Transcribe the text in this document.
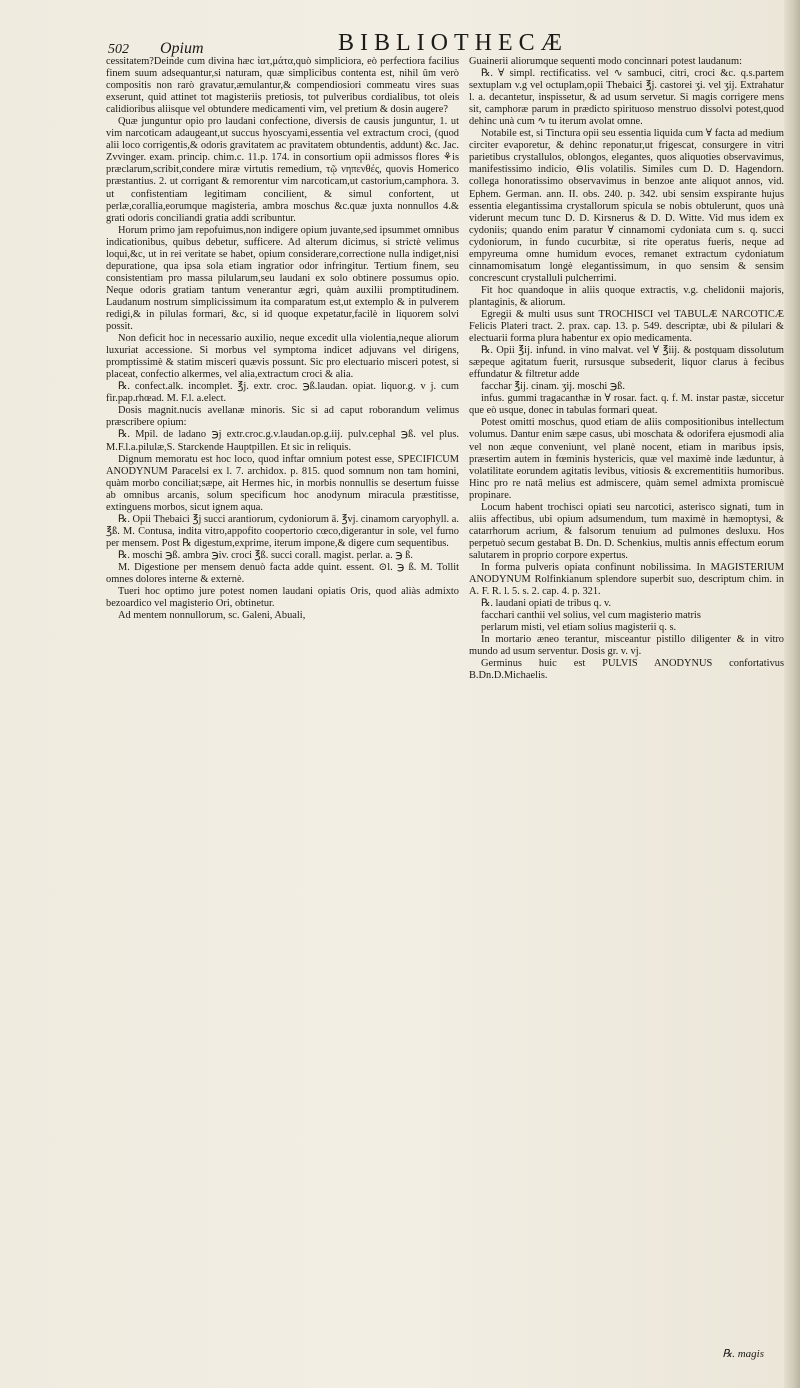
502 Opium	BIBLIOTHECÆ

cessitatem?Deinde cum divina hæc ἰατ,μάτα,quò simpliciora, eò perfectiora facilius finem suum adsequantur,si naturam, quæ simplicibus contenta est, nihil ûm verò compositis non rarò gravatur,æmulantur,& compendiosiori commeatu vires suas exserunt, quid attinet tot magisteriis pretiosis, tot pulveribus cordialibus, tot oleis calidioribus aliisque vel obtundere medicamenti vim, vel pretium & dosin augere?

Quæ junguntur opio pro laudani confectione, diversis de causis junguntur, 1. ut vim narcoticam adaugeant,ut succus hyoscyami,essentia vel extractum croci, (quod alii loco corrigentis,& odoris gravitatem ac pravitatem obtundentis, addunt) &c. Jac. Zvvinger. exam. princip. chim.c. 11.p. 174. in consortium opii admissos flores ⚘is præclarum,scribit,condere miræ virtutis remedium, τῷ νηπενθές, quovis Homerico præstantius. 2. ut corrigant & remorentur vim narcoticam,ut castorium,camphora. 3. ut confistentiam legitimam concilient, & simul confortent, ut perlæ,corallia,eorumque magisteria, ambra moschus &c.quæ juxta nonnullos 4.& grati odoris conciliandi gratia addi scribuntur.

Horum primo jam repofuimus,non indigere opium juvante,sed ipsummet omnibus indicationibus, quibus debetur, sufficere. Ad alterum dicimus, si strictè velimus loqui,&c, ut in rei veritate se habet, opium considerare,correctione nulla indiget,nisi depuratione, qua ipsa sola etiam ingratior odor infringitur. Tertium finem, seu consistentiam pro massa pilularum,seu laudani ex solo obtinere possumus opio. Neque odoris gratiam tantum venerantur ægri, quàm auxilii promptitudinem. Laudanum nostrum simplicissimum ita comparatum est,ut extemplo & in pulverem redigi,& in pilulas formari, &c, si id quoque expetatur,facilè in liquorem solvi possit.

Non deficit hoc in necessario auxilio, neque excedit ulla violentia,neque aliorum luxuriat accessione. Si morbus vel symptoma indicet adjuvans vel dirigens, promptissimè & statim misceri quævis possunt. Sic pro electuario misceri potest, si placeat, confectio alkermes, vel alia,extractum croci & alia.

℞. confect.alk. incomplet. ℥j. extr. croc. ℈ß.laudan. opiat. liquor.g. v j. cum fir.pap.rhœad. M. F.l. a.elect.

Dosis magnit.nucis avellanæ minoris. Sic si ad caput roborandum velimus præscribere opium:

℞. Mpil. de ladano ℈j extr.croc.g.v.laudan.op.g.iij. pulv.cephal ℈ß. vel plus. M.F.l.a.pilulæ,S. Starckende Hauptpillen. Et sic in reliquis.

Dignum memoratu est hoc loco, quod inftar omnium potest esse, SPECIFICUM ANODYNUM Paracelsi ex l. 7. archidox. p. 815. quod somnum non tam homini, quàm morbo conciliat;sæpe, ait Hermes hic, in morbis nonnullis se desertum fuisse ab omnibus arcanis, solum specificum hoc anodynum miracula præstitisse, extinguens morbos, sicut ignem aqua.

℞. Opii Thebaici ℥j succi arantiorum, cydoniorum ā. ℥vj. cinamom caryophyll. a. ℥ß. M. Contusa, indita vitro,appofito coopertorio cœco,digerantur in sole, vel furno per mensem. Post ℞ digestum,exprime, iterum impone,& digere cum sequentibus.

℞. moschi ℈ß. ambra ℈iv. croci ℥ß. succi corall. magist. perlar. a. ℈ ß.

M. Digestione per mensem denuò facta adde quint. essent. ⊙l. ℈ ß. M. Tollit omnes dolores interne & externè.

Tueri hoc optimo jure potest nomen laudani opiatis Oris, quod aliàs admixto bezoardico vel magisterio Ori, obtinetur.

Ad mentem nonnullorum, sc. Galeni, Abuali,

Guainerii aliorumque sequenti modo concinnari potest laudanum:

℞. ∀ simpl. rectificatiss. vel ∿ sambuci, citri, croci &c. q.s.partem sextuplam v.g vel octuplam,opii Thebaici ℥j. castorei ʒi. vel ʒij. Extrahatur l. a. decantetur, inspissetur, & ad usum servetur. Si magis corrigere mens sit, camphoræ parum in prædicto spirituoso menstruo dissolvi potest,quod dehinc unà cum ∿ tu iterum avolat omne.

Notabile est, si Tinctura opii seu essentia liquida cum ∀ facta ad medium circiter evaporetur, & dehinc reponatur,ut frigescat, consurgere in vitri parietibus crystallulos, oblongos, elegantes, quos aliquoties observavimus, manifestissimo indicio, ⊖lis volatilis. Similes cum D. D. Hagendorn. collega honoratissimo observavimus in benzoe ante aliquot annos, vid. Ephem. German. ann. II. obs. 240. p. 342. ubi sensim exspirante hujus essentia elegantissima crystallorum spicula se nobis obtulerunt, quos unà viderunt mecum tunc D. D. Kirsnerus & D. D. Witte. Vid mus idem ex cydoniis; quando enim paratur ∀ cinnamomi cydoniata cum s. q. succi cydoniorum, in fundo cucurbitæ, si rite operatus fueris, neque ad empyreuma omne humidum evoces, remanet extractum cydoniatum cinnamomisatum longè elegantissimum, in quo sensim & sensim concrescunt crystalluli pulcherrimi.

Fit hoc quandoque in aliis quoque extractis, v.g. chelidonii majoris, plantaginis, & aliorum.

Egregii & multi usus sunt TROCHISCI vel TABULÆ NARCOTICÆ Felicis Plateri tract. 2. prax. cap. 13. p. 549. descriptæ, ubi & pilulari & electuarii forma plura habentur ex opio medicamenta.

℞. Opii ℥ij. infund. in vino malvat. vel ∀ ℥iij. & postquam dissolutum sæpeque agitatum fuerit, rursusque subsederit, liquor clarus à fecibus effundatur & filtretur adde

facchar ℥ij. cinam. ʒij. moschi ℈ß.

infus. gummi tragacanthæ in ∀ rosar. fact. q. f. M. instar pastæ, siccetur que eò usque, donec in tabulas formari queat.

Potest omitti moschus, quod etiam de aliis compositionibus intellectum volumus. Dantur enim sæpe casus, ubi moschata & odorifera ejusmodi alia vel non æque conveniunt, vel planè nocent, etiam in maribus ipsis, præsertim autem in fœminis hystericis, quæ vel maximè inde læduntur, à volatilitate eorundem agitatis levibus, vitiosis & excrementitiis humoribus. Hinc pro re natâ melius est admiscere, quàm semel admixta promiscuè propinare.

Locum habent trochisci opiati seu narcotici, asterisco signati, tum in aliis affectibus, ubi opium adsumendum, tum maximè in hæmoptysi, & catarrhorum acrium, & falsorum tenuium ad pulmones desluxu. Hos perpetuò secum gestabat B. Dn. D. Schenkius, multis annis effectum eorum salutarem in proprio corpore expertus.

In forma pulveris opiata confinunt nobilissima. In MAGISTERIUM ANODYNUM Rolfinkianum splendore superbit suo, descriptum chim. in A. F. R. l. 5. s. 2. cap. 4. p. 321.

℞. laudani opiati de tribus q. v.

facchari canthii vel solius, vel cum magisterio matris

perlarum misti, vel etiam solius magisterii q. s.

In mortario æneo terantur, misceantur pistillo diligenter & in vitro mundo ad usum serventur. Dosis gr. v. vj.

Germinus huic est PULVIS ANODYNUS confortativus B.Dn.D.Michaelis.

℞. magis
